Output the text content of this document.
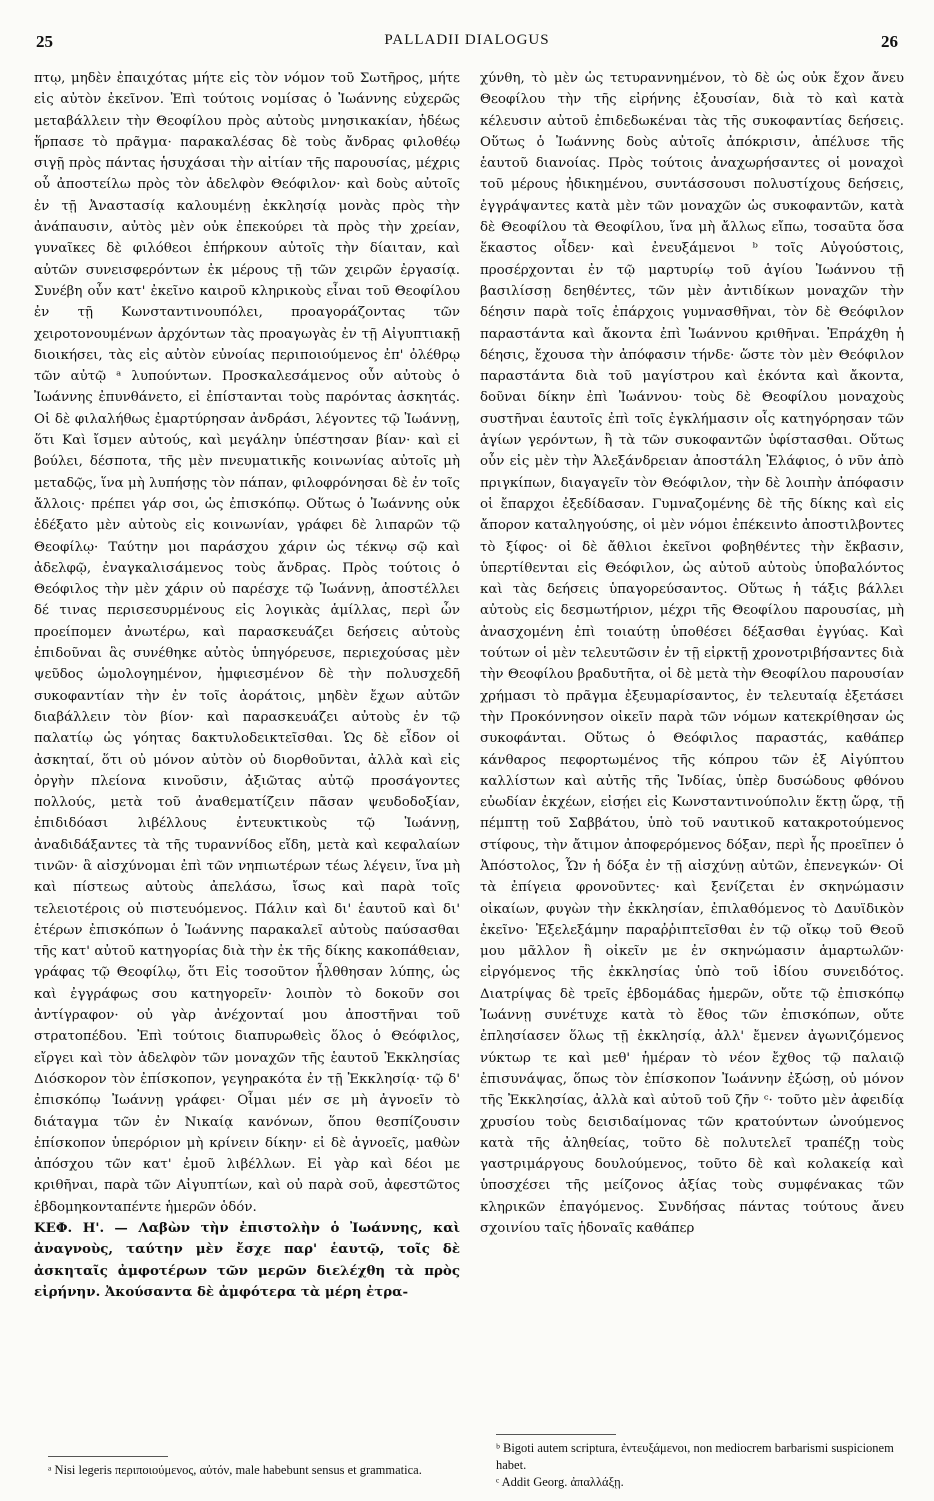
25	PALLADII DIALOGUS	26

πτῳ, μηδὲν ἐπαιχότας μήτε εἰς τὸν νόμον τοῦ Σωτῆρος, μήτε εἰς αὐτὸν ἐκεῖνον. Ἐπὶ τούτοις νομίσας ὁ Ἰωάννης εὐχερῶς μεταβάλλειν τὴν Θεοφίλου πρὸς αὐτοὺς μνησικακίαν, ἡδέως ἥρπασε τὸ πρᾶγμα· παρακαλέσας δὲ τοὺς ἄνδρας φιλοθέῳ σιγῇ πρὸς πάντας ἡσυχάσαι τὴν αἰτίαν τῆς παρουσίας, μέχρις οὗ ἀποστείλω πρὸς τὸν ἀδελφὸν Θεόφιλον· καὶ δοὺς αὐτοῖς ἐν τῇ Ἀναστασίᾳ καλουμένῃ ἐκκλησίᾳ μονὰς πρὸς τὴν ἀνάπαυσιν, αὐτὸς μὲν οὐκ ἐπεκούρει τὰ πρὸς τὴν χρείαν, γυναῖκες δὲ φιλόθεοι ἐπήρκουν αὐτοῖς τὴν δίαιταν, καὶ αὐτῶν συνεισφερόντων ἐκ μέρους τῇ τῶν χειρῶν ἐργασίᾳ. Συνέβη οὖν κατ' ἐκεῖνο καιροῦ κληρικοὺς εἶναι τοῦ Θεοφίλου ἐν τῇ Κωνσταντινουπόλει, προαγοράζοντας τῶν χειροτονουμένων ἀρχόντων τὰς προαγωγὰς ἐν τῇ Αἰγυπτιακῇ διοικήσει, τὰς εἰς αὐτὸν εὐνοίας περιποιούμενος ἐπ' ὀλέθρῳ τῶν αὐτῷ ᵃ λυπούντων. Προσκαλεσάμενος οὖν αὐτοὺς ὁ Ἰωάννης ἐπυνθάνετο, εἰ ἐπίστανται τοὺς παρόντας ἀσκητάς. Οἱ δὲ φιλαλήθως ἐμαρτύρησαν ἀνδράσι, λέγοντες τῷ Ἰωάννῃ, ὅτι Καὶ ἴσμεν αὐτούς, καὶ μεγάλην ὑπέστησαν βίαν· καὶ εἰ βούλει, δέσποτα, τῆς μὲν πνευματικῆς κοινωνίας αὐτοῖς μὴ μεταδῷς, ἵνα μὴ λυπήσῃς τὸν πάπαν, φιλοφρόνησαι δὲ ἐν τοῖς ἄλλοις· πρέπει γάρ σοι, ὡς ἐπισκόπῳ. Οὕτως ὁ Ἰωάννης οὐκ ἐδέξατο μὲν αὐτοὺς εἰς κοινωνίαν, γράφει δὲ λιπαρῶν τῷ Θεοφίλῳ· Ταύτην μοι παράσχου χάριν ὡς τέκνῳ σῷ καὶ ἀδελφῷ, ἐναγκαλισάμενος τοὺς ἄνδρας. Πρὸς τούτοις ὁ Θεόφιλος τὴν μὲν χάριν οὐ παρέσχε τῷ Ἰωάννῃ, ἀποστέλλει δέ τινας περισεσυρμένους εἰς λογικὰς ἁμίλλας, περὶ ὧν προείπομεν ἀνωτέρω, καὶ παρασκευάζει δεήσεις αὐτοὺς ἐπιδοῦναι ἃς συνέθηκε αὐτὸς ὑπηγόρευσε, περιεχούσας μὲν ψεῦδος ὡμολογημένον, ἠμφιεσμένον δὲ τὴν πολυσχεδῆ συκοφαντίαν τὴν ἐν τοῖς ἀοράτοις, μηδὲν ἔχων αὐτῶν διαβάλλειν τὸν βίον· καὶ παρασκευάζει αὐτοὺς ἐν τῷ παλατίῳ ὡς γόητας δακτυλοδεικτεῖσθαι. Ὡς δὲ εἶδον οἱ ἀσκηταί, ὅτι οὐ μόνον αὐτὸν οὐ διορθοῦνται, ἀλλὰ καὶ εἰς ὀργὴν πλείονα κινοῦσιν, ἀξιῶτας αὐτῷ προσάγοντες πολλούς, μετὰ τοῦ ἀναθεματίζειν πᾶσαν ψευδοδοξίαν, ἐπιδιδόασι λιβέλλους ἐντευκτικοὺς τῷ Ἰωάννῃ, ἀναδιδάξαντες τὰ τῆς τυραννίδος εἴδη, μετὰ καὶ κεφαλαίων τινῶν· ἃ αἰσχύνομαι ἐπὶ τῶν νηπιωτέρων τέως λέγειν, ἵνα μὴ καὶ πίστεως αὐτοὺς ἀπελάσω, ἴσως καὶ παρὰ τοῖς τελειοτέροις οὐ πιστευόμενος. Πάλιν καὶ δι' ἑαυτοῦ καὶ δι' ἑτέρων ἐπισκόπων ὁ Ἰωάννης παρακαλεῖ αὐτοὺς παύσασθαι τῆς κατ' αὐτοῦ κατηγορίας διὰ τὴν ἐκ τῆς δίκης κακοπάθειαν, γράφας τῷ Θεοφίλῳ, ὅτι Εἰς τοσοῦτον ἦλθθησαν λύπης, ὡς καὶ ἐγγράφως σου κατηγορεῖν· λοιπὸν τὸ δοκοῦν σοι ἀντίγραφον· οὐ γὰρ ἀνέχονταί μου ἀποστῆναι τοῦ στρατοπέδου. Ἐπὶ τούτοις διαπυρωθεὶς ὅλος ὁ Θεόφιλος, εἴργει καὶ τὸν ἀδελφὸν τῶν μοναχῶν τῆς ἑαυτοῦ Ἐκκλησίας Διόσκορον τὸν ἐπίσκοπον, γεγηρακότα ἐν τῇ Ἐκκλησίᾳ· τῷ δ' ἐπισκόπῳ Ἰωάννῃ γράφει· Οἶμαι μέν σε μὴ ἀγνοεῖν τὸ διάταγμα τῶν ἐν Νικαίᾳ κανόνων, ὅπου θεσπίζουσιν ἐπίσκοπον ὑπερόριον μὴ κρίνειν δίκην· εἰ δὲ ἀγνοεῖς, μαθὼν ἀπόσχου τῶν κατ' ἐμοῦ λιβέλλων. Εἰ γὰρ καὶ δέοι με κριθῆναι, παρὰ τῶν Αἰγυπτίων, καὶ οὐ παρὰ σοῦ, ἀφεστῶτος ἑβδομηκονταπέντε ἡμερῶν ὁδόν.

ΚΕΦ. Η'. — Λαβὼν τὴν ἐπιστολὴν ὁ Ἰωάννης, καὶ ἀναγνοὺς, ταύτην μὲν ἔσχε παρ' ἑαυτῷ, τοῖς δὲ ἀσκηταῖς ἀμφοτέρων τῶν μερῶν διελέχθη τὰ πρὸς εἰρήνην. Ἀκούσαντα δὲ ἀμφότερα τὰ μέρη ἐτρα-

χύνθη, τὸ μὲν ὡς τετυραννημένον, τὸ δὲ ὡς οὐκ ἔχον ἄνευ Θεοφίλου τὴν τῆς εἰρήνης ἐξουσίαν, διὰ τὸ καὶ κατὰ κέλευσιν αὐτοῦ ἐπιδεδωκέναι τὰς τῆς συκοφαντίας δεήσεις. Οὕτως ὁ Ἰωάννης δοὺς αὐτοῖς ἀπόκρισιν, ἀπέλυσε τῆς ἑαυτοῦ διανοίας. Πρὸς τούτοις ἀναχωρήσαντες οἱ μοναχοὶ τοῦ μέρους ἠδικημένου, συντάσσουσι πολυστίχους δεήσεις, ἐγγράψαντες κατὰ μὲν τῶν μοναχῶν ὡς συκοφαντῶν, κατὰ δὲ Θεοφίλου τὰ Θεοφίλου, ἵνα μὴ ἄλλως εἴπω, τοσαῦτα ὅσα ἕκαστος οἶδεν· καὶ ἐνευξάμενοι ᵇ τοῖς Αὐγούστοις, προσέρχονται ἐν τῷ μαρτυρίῳ τοῦ ἁγίου Ἰωάννου τῇ βασιλίσσῃ δεηθέντες, τῶν μὲν ἀντιδίκων μοναχῶν τὴν δέησιν παρὰ τοῖς ἐπάρχοις γυμνασθῆναι, τὸν δὲ Θεόφιλον παραστάντα καὶ ἄκοντα ἐπὶ Ἰωάννου κριθῆναι. Ἐπράχθη ἡ δέησις, ἔχουσα τὴν ἀπόφασιν τήνδε· ὥστε τὸν μὲν Θεόφιλον παραστάντα διὰ τοῦ μαγίστρου καὶ ἑκόντα καὶ ἄκοντα, δοῦναι δίκην ἐπὶ Ἰωάννου· τοὺς δὲ Θεοφίλου μοναχοὺς συστῆναι ἑαυτοῖς ἐπὶ τοῖς ἐγκλήμασιν οἷς κατηγόρησαν τῶν ἁγίων γερόντων, ἢ τὰ τῶν συκοφαντῶν ὑφίστασθαι. Οὕτως οὖν εἰς μὲν τὴν Ἀλεξάνδρειαν ἀποστάλη Ἐλάφιος, ὁ νῦν ἀπὸ πριγκίπων, διαγαγεῖν τὸν Θεόφιλον, τὴν δὲ λοιπὴν ἀπόφασιν οἱ ἔπαρχοι ἐξεδίδασαν. Γυμναζομένης δὲ τῆς δίκης καὶ εἰς ἄπορον καταληγούσης, οἱ μὲν νόμοι ἐπέκεινto ἀποστιλβοντες τὸ ξίφος· οἱ δὲ ἄθλιοι ἐκεῖνοι φοβηθέντες τὴν ἔκβασιν, ὑπερτίθενται εἰς Θεόφιλον, ὡς αὐτοῦ αὐτοὺς ὑποβαλόντος καὶ τὰς δεήσεις ὑπαγορεύσαντος. Οὕτως ἡ τάξις βάλλει αὐτοὺς εἰς δεσμωτήριον, μέχρι τῆς Θεοφίλου παρουσίας, μὴ ἀνασχομένη ἐπὶ τοιαύτῃ ὑποθέσει δέξασθαι ἐγγύας. Καὶ τούτων οἱ μὲν τελευτῶσιν ἐν τῇ εἱρκτῇ χρονοτριβήσαντες διὰ τὴν Θεοφίλου βραδυτῆτα, οἱ δὲ μετὰ τὴν Θεοφίλου παρουσίαν χρήμασι τὸ πρᾶγμα ἐξευμαρίσαντος, ἐν τελευταίᾳ ἐξετάσει τὴν Προκόννησον οἰκεῖν παρὰ τῶν νόμων κατεκρίθησαν ὡς συκοφάνται. Οὕτως ὁ Θεόφιλος παραστάς, καθάπερ κάνθαρος πεφορτωμένος τῆς κόπρου τῶν ἐξ Αἰγύπτου καλλίστων καὶ αὐτῆς τῆς Ἰνδίας, ὑπὲρ δυσώδους φθόνου εὐωδίαν ἐκχέων, εἰσῄει εἰς Κωνσταντινούπολιν ἕκτῃ ὥρᾳ, τῇ πέμπτῃ τοῦ Σαββάτου, ὑπὸ τοῦ ναυτικοῦ κατακροτούμενος στίφους, τὴν ἄτιμον ἀποφερόμενος δόξαν, περὶ ἧς προεῖπεν ὁ Ἀπόστολος, Ὧν ἡ δόξα ἐν τῇ αἰσχύνῃ αὐτῶν, ἐπενεγκών· Οἱ τὰ ἐπίγεια φρονοῦντες· καὶ ξενίζεται ἐν σκηνώμασιν οἰκαίων, φυγὼν τὴν ἐκκλησίαν, ἐπιλαθόμενος τὸ Δαυϊδικὸν ἐκεῖνο· Ἐξελεξάμην παραῤῥιπτεῖσθαι ἐν τῷ οἴκῳ τοῦ Θεοῦ μου μᾶλλον ἢ οἰκεῖν με ἐν σκηνώμασιν ἁμαρτωλῶν· εἰργόμενος τῆς ἐκκλησίας ὑπὸ τοῦ ἰδίου συνειδότος. Διατρίψας δὲ τρεῖς ἑβδομάδας ἡμερῶν, οὔτε τῷ ἐπισκόπῳ Ἰωάννῃ συνέτυχε κατὰ τὸ ἔθος τῶν ἐπισκόπων, οὔτε ἐπλησίασεν ὅλως τῇ ἐκκλησίᾳ, ἀλλ' ἔμενεν ἀγωνιζόμενος νύκτωρ τε καὶ μεθ' ἡμέραν τὸ νέον ἔχθος τῷ παλαιῷ ἐπισυνάψας, ὅπως τὸν ἐπίσκοπον Ἰωάννην ἐξώσῃ, οὐ μόνον τῆς Ἐκκλησίας, ἀλλὰ καὶ αὐτοῦ τοῦ ζῆν ᶜ· τοῦτο μὲν ἀφειδίᾳ χρυσίου τοὺς δεισιδαίμονας τῶν κρατούντων ὠνούμενος κατὰ τῆς ἀληθείας, τοῦτο δὲ πολυτελεῖ τραπέζῃ τοὺς γαστριμάργους δουλούμενος, τοῦτο δὲ καὶ κολακείᾳ καὶ ὑποσχέσει τῆς μείζονος ἀξίας τοὺς συμφένακας τῶν κληρικῶν ἐπαγόμενος. Συνδήσας πάντας τούτους ἄνευ σχοινίου ταῖς ἡδοναῖς καθάπερ

ᵃ Nisi legeris περιποιούμενος, αὐτόν, male habebunt sensus et grammatica.
ᵇ Bigoti autem scriptura, ἐντευξάμενοι, non mediocrem barbarismi suspicionem habet.
ᶜ Addit Georg. ἀπαλλάξῃ.
